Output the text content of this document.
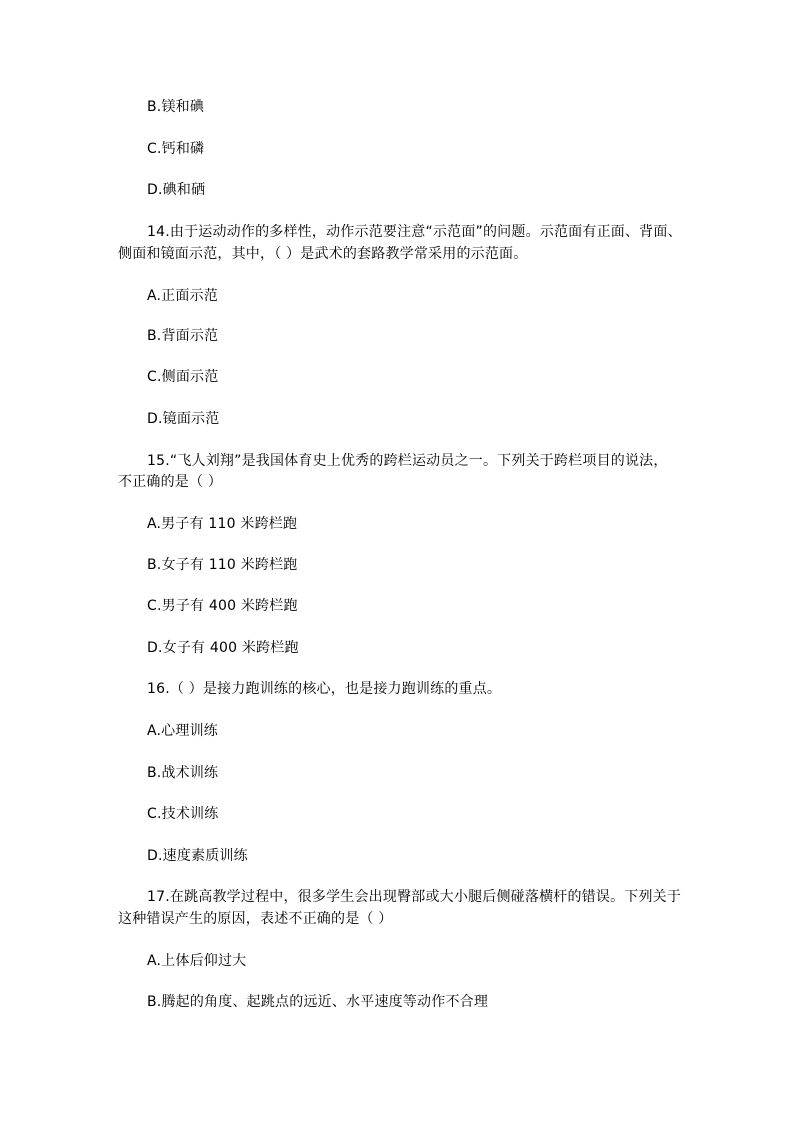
B.镁和碘
C.钙和磷
D.碘和硒
14.由于运动动作的多样性，动作示范要注意“示范面”的问题。示范面有正面、背面、
侧面和镜面示范，其中，（ ）是武术的套路教学常采用的示范面。
A.正面示范
B.背面示范
C.侧面示范
D.镜面示范
15.“飞人刘翔”是我国体育史上优秀的跨栏运动员之一。下列关于跨栏项目的说法，
不正确的是（ ）
A.男子有 110 米跨栏跑
B.女子有 110 米跨栏跑
C.男子有 400 米跨栏跑
D.女子有 400 米跨栏跑
16.（ ）是接力跑训练的核心，也是接力跑训练的重点。
A.心理训练
B.战术训练
C.技术训练
D.速度素质训练
17.在跳高教学过程中，很多学生会出现臀部或大小腿后侧碰落横杆的错误。下列关于
这种错误产生的原因，表述不正确的是（ ）
A.上体后仰过大
B.腾起的角度、起跳点的远近、水平速度等动作不合理
